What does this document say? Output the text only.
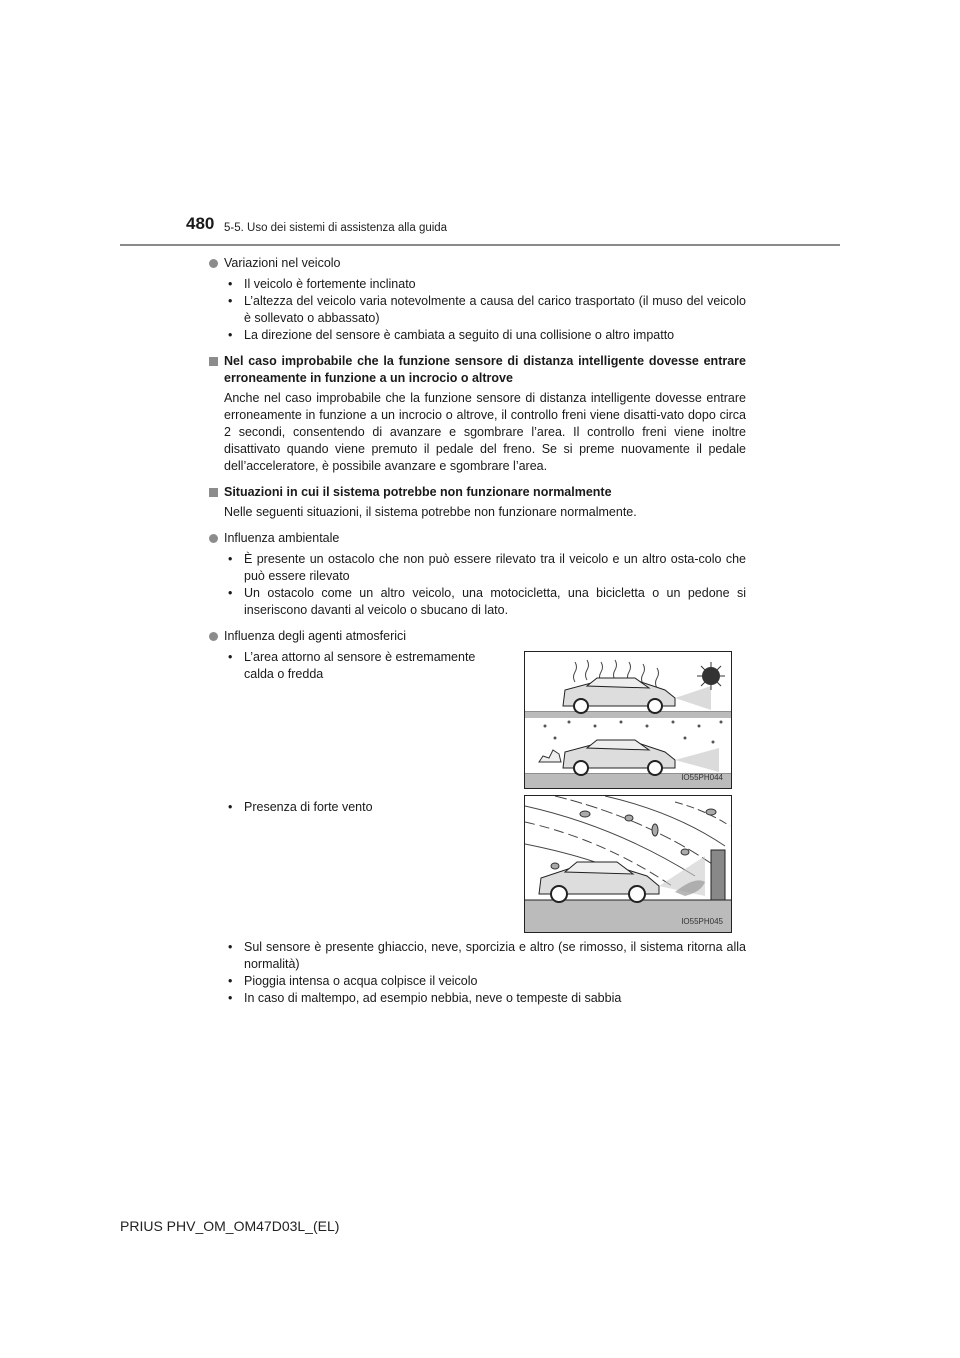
480 5-5. Uso dei sistemi di assistenza alla guida
Variazioni nel veicolo
• Il veicolo è fortemente inclinato
• L’altezza del veicolo varia notevolmente a causa del carico trasportato (il muso del veicolo è sollevato o abbassato)
• La direzione del sensore è cambiata a seguito di una collisione o altro impatto
Nel caso improbabile che la funzione sensore di distanza intelligente dovesse entrare erroneamente in funzione a un incrocio o altrove
Anche nel caso improbabile che la funzione sensore di distanza intelligente dovesse entrare erroneamente in funzione a un incrocio o altrove, il controllo freni viene disatti-vato dopo circa 2 secondi, consentendo di avanzare e sgombrare l’area. Il controllo freni viene inoltre disattivato quando viene premuto il pedale del freno. Se si preme nuovamente il pedale dell’acceleratore, è possibile avanzare e sgombrare l’area.
Situazioni in cui il sistema potrebbe non funzionare normalmente
Nelle seguenti situazioni, il sistema potrebbe non funzionare normalmente.
Influenza ambientale
• È presente un ostacolo che non può essere rilevato tra il veicolo e un altro osta-colo che può essere rilevato
• Un ostacolo come un altro veicolo, una motocicletta, una bicicletta o un pedone si inseriscono davanti al veicolo o sbucano di lato.
Influenza degli agenti atmosferici
• L’area attorno al sensore è estremamente calda o fredda
IO55PH044
• Presenza di forte vento
IO55PH045
• Sul sensore è presente ghiaccio, neve, sporcizia e altro (se rimosso, il sistema ritorna alla normalità)
• Pioggia intensa o acqua colpisce il veicolo
• In caso di maltempo, ad esempio nebbia, neve o tempeste di sabbia
PRIUS PHV_OM_OM47D03L_(EL)
